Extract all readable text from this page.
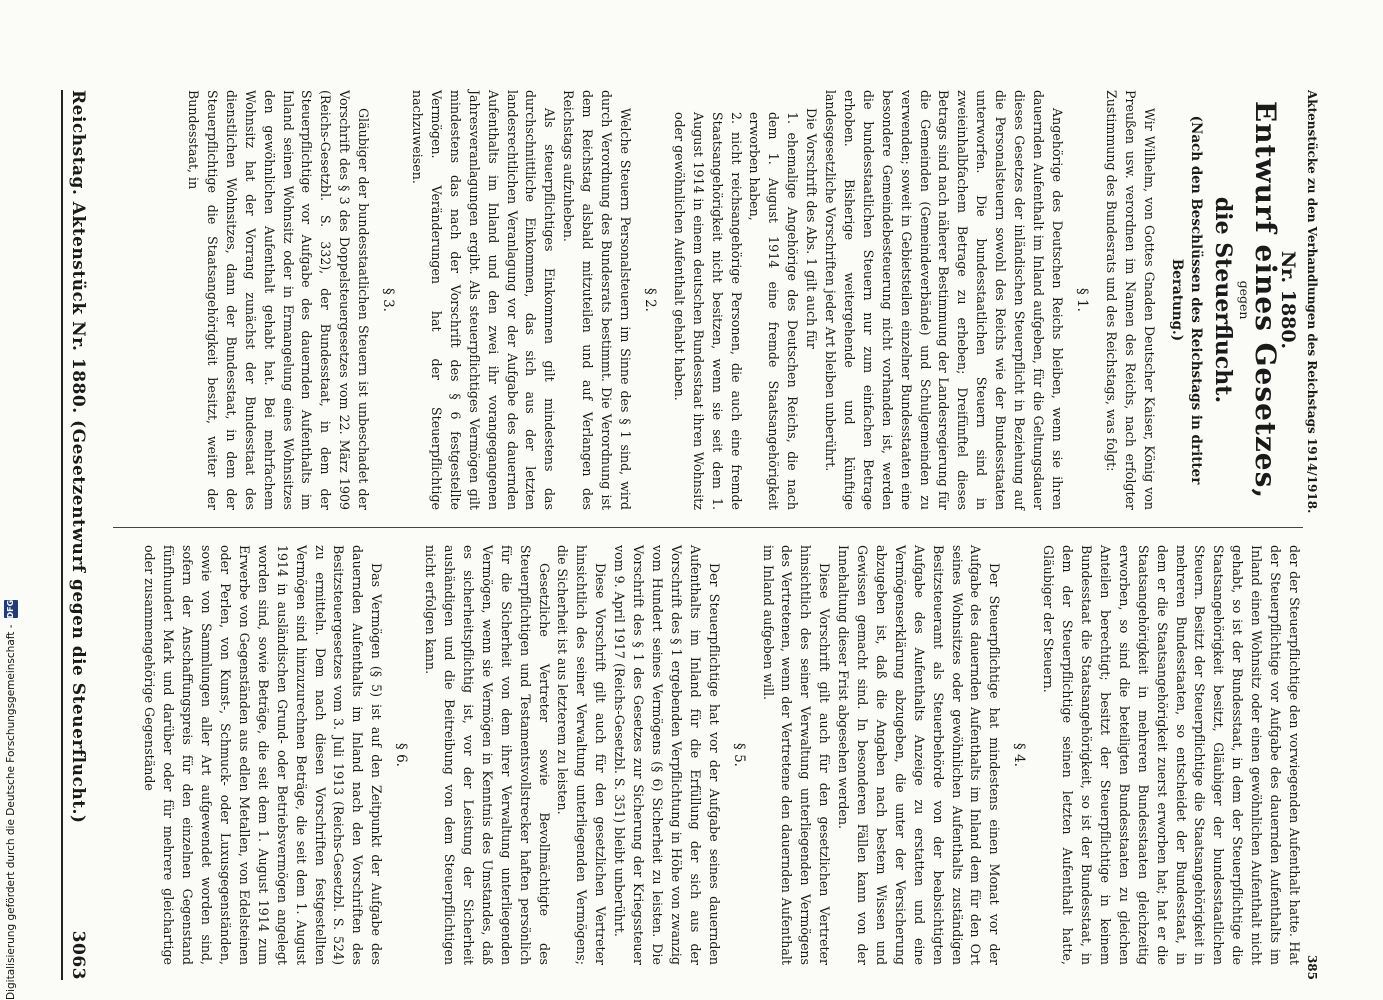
Reichstag. Aktenstück Nr. 1880. (Gesetzentwurf gegen die Steuerflucht.)
3063
Nr. 1880.
Entwurf eines Gesetzes,
gegen
die Steuerflucht.
(Nach den Beschlüssen des Reichstags in dritter Beratung.)

Wir Wilhelm, von Gottes Gnaden Deutscher Kaiser, König von Preußen usw. verordnen im Namen des Reichs, nach erfolgter Zustimmung des Bundesrats und des Reichstags, was folgt:

§ 1.

Angehörige des Deutschen Reichs bleiben, wenn sie ihren dauernden Aufenthalt im Inland aufgeben, für die Geltungsdauer dieses Gesetzes der inländischen Steuerpflicht in Beziehung auf die Personalsteuern sowohl des Reichs wie der Bundesstaaten unterworfen. Die bundesstaatlichen Steuern sind in zweieinhalbfachem Betrage zu erheben; Dreifünftel dieses Betrags sind nach näherer Bestimmung der Landesregierung für die Gemeinden (Gemeindeverbände) und Schulgemeinden zu verwenden; soweit in Gebietsteilen einzelner Bundesstaaten eine besondere Gemeindebesteuerung nicht vorhanden ist, werden die bundesstaatlichen Steuern nur zum einfachen Betrage erhoben. Bisherige weitergehende und künftige landesgesetzliche Vorschriften jeder Art bleiben unberührt.

Die Vorschrift des Abs. 1 gilt auch für

1. ehemalige Angehörige des Deutschen Reichs, die nach dem 1. August 1914 eine fremde Staatsangehörigkeit erworben haben,
2. nicht reichsangehörige Personen, die auch eine fremde Staatsangehörigkeit nicht besitzen, wenn sie seit dem 1. August 1914 in einem deutschen Bundesstaat ihren Wohnsitz oder gewöhnlichen Aufenthalt gehabt haben.
§ 2.

Welche Steuern Personalsteuern im Sinne des § 1 sind, wird durch Verordnung des Bundesrats bestimmt. Die Verordnung ist dem Reichstag alsbald mitzuteilen und auf Verlangen des Reichstags aufzuheben.

Als steuerpflichtiges Einkommen gilt mindestens das durchschnittliche Einkommen, das sich aus der letzten landesrechtlichen Veranlagung vor der Aufgabe des dauernden Aufenthalts im Inland und den zwei ihr vorangegangenen Jahresveranlagungen ergibt. Als steuerpflichtiges Vermögen gilt mindestens das nach der Vorschrift des § 6 festgestellte Vermögen. Veränderungen hat der Steuerpflichtige nachzuweisen.

§ 3.

Gläubiger der bundesstaatlichen Steuern ist unbeschadet der Vorschrift des § 3 des Doppelsteuergesetzes vom 22. März 1909 (Reichs-Gesetzbl. S. 332), der Bundesstaat, in dem der Steuerpflichtige vor Aufgabe des dauernden Aufenthalts im Inland seinen Wohnsitz oder in Ermangelung eines Wohnsitzes den gewöhnlichen Aufenthalt gehabt hat. Bei mehrfachem Wohnsitz hat der Vorrang zunächst der Bundesstaat des dienstlichen Wohnsitzes, dann der Bundesstaat, in dem der Steuerpflichtige die Staatsangehörigkeit besitzt, weiter der Bundesstaat, in

der der Steuerpflichtige den vorwiegenden Aufenthalt hatte. Hat der Steuerpflichtige vor Aufgabe des dauernden Aufenthalts im Inland einen Wohnsitz oder einen gewöhnlichen Aufenthalt nicht gehabt, so ist der Bundesstaat, in dem der Steuerpflichtige die Staatsangehörigkeit besitzt, Gläubiger der bundesstaatlichen Steuern. Besitzt der Steuerpflichtige die Staatsangehörigkeit in mehreren Bundesstaaten, so entscheidet der Bundesstaat, in dem er die Staatsangehörigkeit zuerst erworben hat; hat er die Staatsangehörigkeit in mehreren Bundesstaaten gleichzeitig erworben, so sind die beteiligten Bundesstaaten zu gleichen Anteilen berechtigt; besitzt der Steuerpflichtige in keinem Bundesstaat die Staatsangehörigkeit, so ist der Bundesstaat, in dem der Steuerpflichtige seinen letzten Aufenthalt hatte, Gläubiger der Steuern.

§ 4.

Der Steuerpflichtige hat mindestens einen Monat vor der Aufgabe des dauernden Aufenthalts im Inland dem für den Ort seines Wohnsitzes oder gewöhnlichen Aufenthalts zuständigen Besitzsteueramt als Steuerbehörde von der beabsichtigten Aufgabe des Aufenthalts Anzeige zu erstatten und eine Vermögenserklärung abzugeben, die unter der Versicherung abzugeben ist, daß die Angaben nach bestem Wissen und Gewissen gemacht sind. In besonderen Fällen kann von der Innehaltung dieser Frist abgesehen werden.

Diese Vorschrift gilt auch für den gesetzlichen Vertreter hinsichtlich des seiner Verwaltung unterliegenden Vermögens des Vertretenen, wenn der Vertretene den dauernden Aufenthalt im Inland aufgeben will.

§ 5.

Der Steuerpflichtige hat vor der Aufgabe seines dauernden Aufenthalts im Inland für die Erfüllung der sich aus der Vorschrift des § 1 ergebenden Verpflichtung in Höhe von zwanzig vom Hundert seines Vermögens (§ 6) Sicherheit zu leisten. Die Vorschrift des § 1 des Gesetzes zur Sicherung der Kriegssteuer vom 9. April 1917 (Reichs-Gesetzbl. S. 351) bleibt unberührt.

Diese Vorschrift gilt auch für den gesetzlichen Vertreter hinsichtlich des seiner Verwaltung unterliegenden Vermögens; die Sicherheit ist aus letzterem zu leisten.

Gesetzliche Vertreter sowie Bevollmächtigte des Steuerpflichtigen und Testamentsvollstrecker haften persönlich für die Sicherheit von dem ihrer Verwaltung unterliegenden Vermögen, wenn sie Vermögen in Kenntnis des Umstandes, daß es sicherheitspflichtig ist, vor der Leistung der Sicherheit aushändigen und die Beitreibung von dem Steuerpflichtigen nicht erfolgen kann.

§ 6.

Das Vermögen (§ 5) ist auf den Zeitpunkt der Aufgabe des dauernden Aufenthalts im Inland nach den Vorschriften des Besitzsteuergesetzes vom 3. Juli 1913 (Reichs-Gesetzbl. S. 524) zu ermitteln. Dem nach diesen Vorschriften festgestellten Vermögen sind hinzuzurechnen Beträge, die seit dem 1. August 1914 in ausländischen Grund- oder Betriebsvermögen angelegt worden sind, sowie Beträge, die seit dem 1. August 1914 zum Erwerbe von Gegenständen aus edlen Metallen, von Edelsteinen oder Perlen, von Kunst-, Schmuck- oder Luxusgegenständen, sowie von Sammlungen aller Art aufgewendet worden sind, sofern der Anschaffungspreis für den einzelnen Gegenstand fünfhundert Mark und darüber oder für mehrere gleichartige oder zusammengehörige Gegenstände

Aktenstücke zu den Verhandlungen des Reichstags 1914/1918.
385
Digitalisierung gefördert durch die Deutsche Forschungsgemeinschaft -
DFG
